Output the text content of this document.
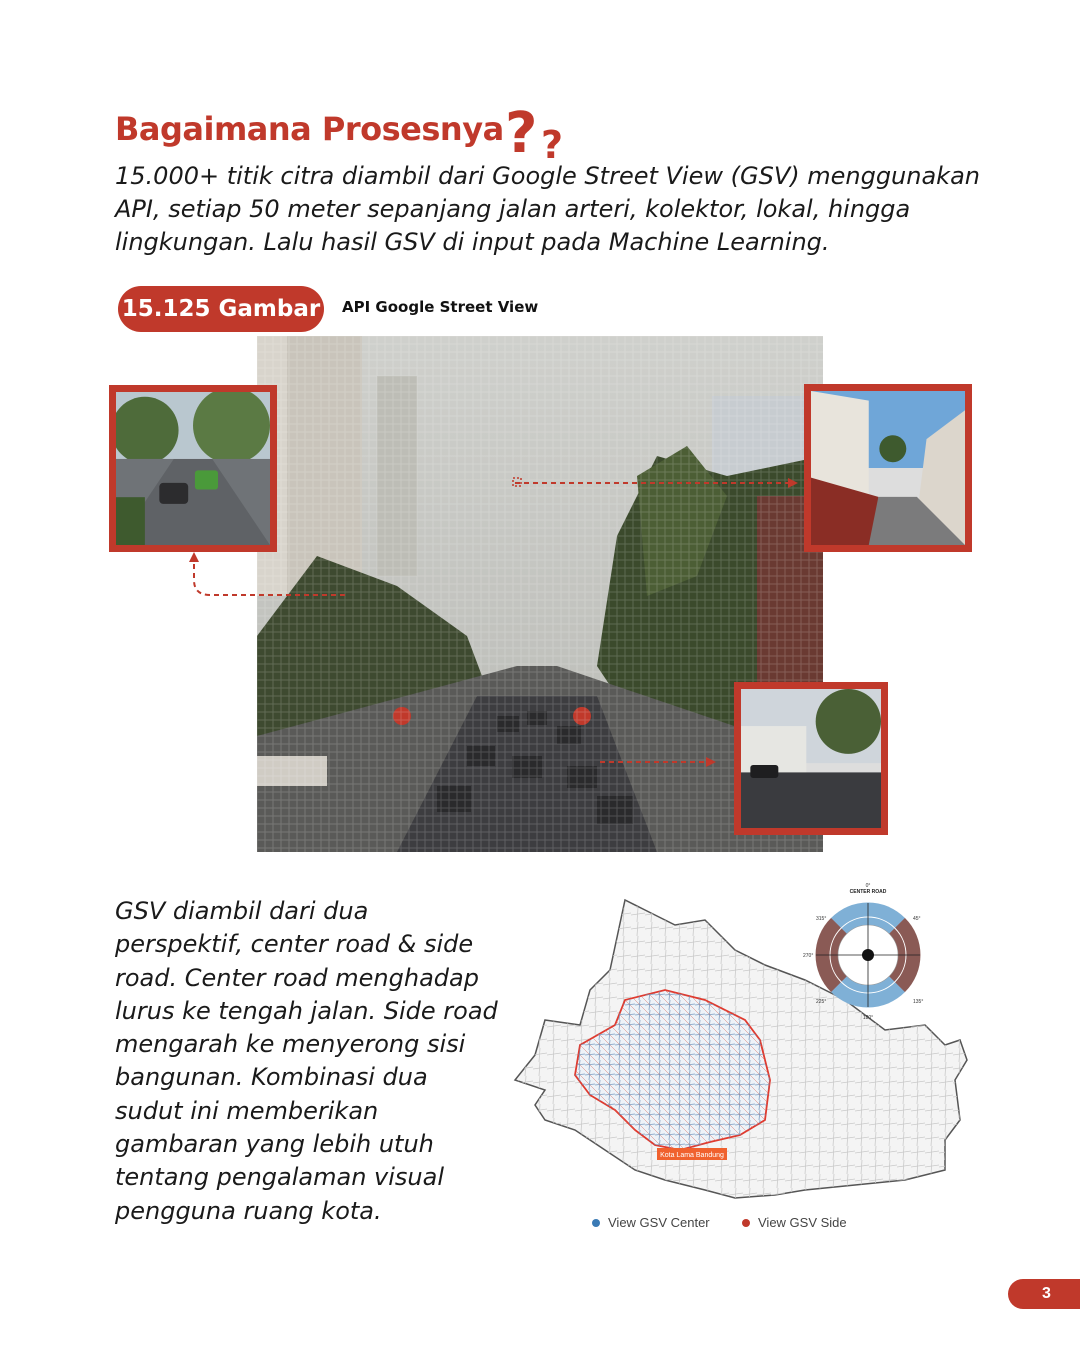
Bagaimana Prosesnya ? ?

15.000+ titik citra diambil dari Google Street View (GSV) menggunakan API, setiap 50 meter sepanjang jalan arteri, kolektor, lokal, hingga lingkungan. Lalu hasil GSV di input pada Machine Learning.

15.125 Gambar API Google Street View

GSV diambil dari dua perspektif, center road & side road. Center road menghadap lurus ke tengah jalan. Side road mengarah ke menyerong sisi bangunan. Kombinasi dua sudut ini memberikan gambaran yang lebih utuh tentang pengalaman visual pengguna ruang kota.

Kota Lama Bandung
CENTER ROAD
0°
45°
135°
180°
225°
270°
315°
View GSV Center	View GSV Side
3
